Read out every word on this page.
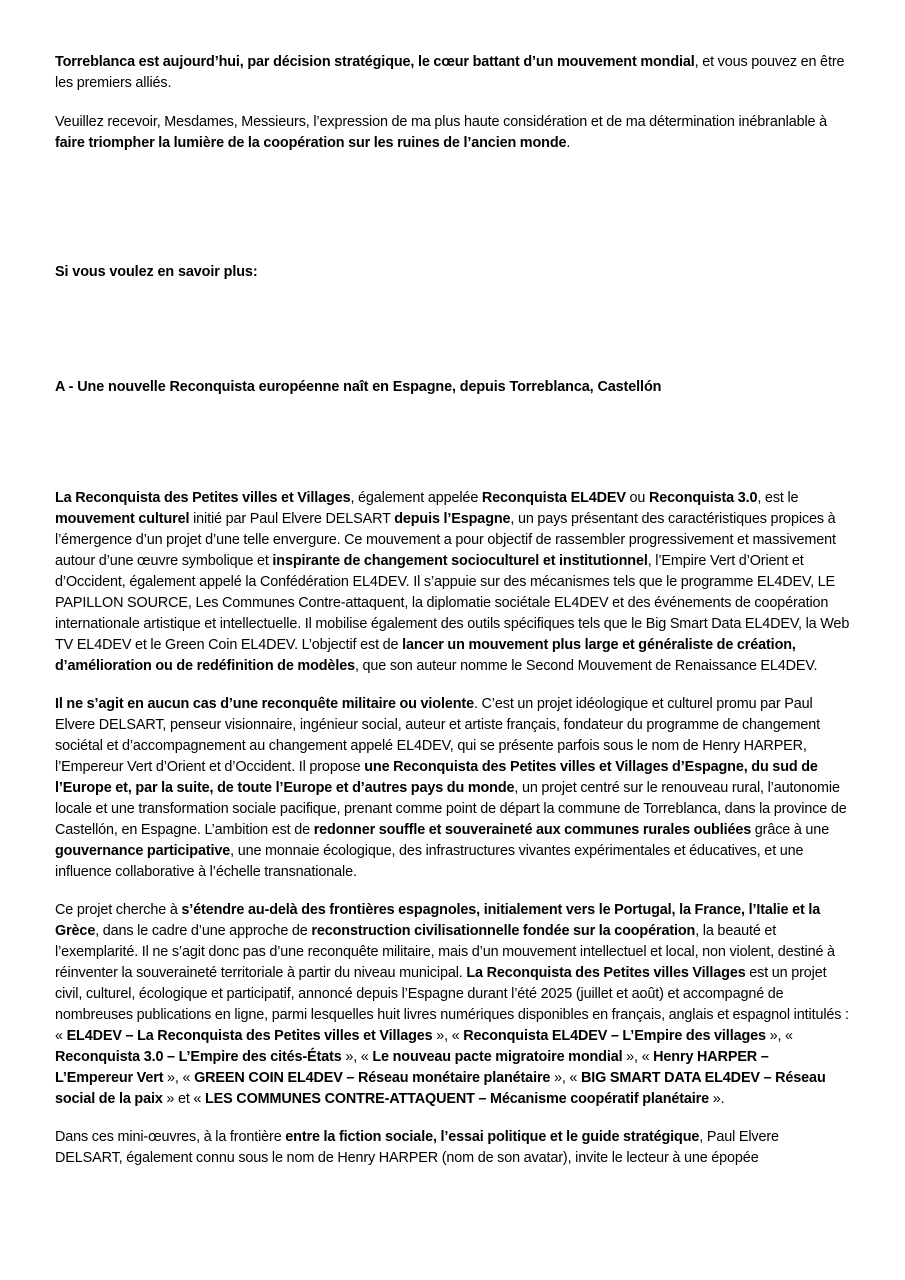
Torreblanca est aujourd’hui, par décision stratégique, le cœur battant d’un mouvement mondial, et vous pouvez en être les premiers alliés.

Veuillez recevoir, Mesdames, Messieurs, l’expression de ma plus haute considération et de ma détermination inébranlable à faire triompher la lumière de la coopération sur les ruines de l’ancien monde.

Si vous voulez en savoir plus:

A - Une nouvelle Reconquista européenne naît en Espagne, depuis Torreblanca, Castellón

La Reconquista des Petites villes et Villages, également appelée Reconquista EL4DEV ou Reconquista 3.0, est le mouvement culturel initié par Paul Elvere DELSART depuis l’Espagne, un pays présentant des caractéristiques propices à l’émergence d’un projet d’une telle envergure. Ce mouvement a pour objectif de rassembler progressivement et massivement autour d’une œuvre symbolique et inspirante de changement socioculturel et institutionnel, l’Empire Vert d’Orient et d’Occident, également appelé la Confédération EL4DEV. Il s’appuie sur des mécanismes tels que le programme EL4DEV, LE PAPILLON SOURCE, Les Communes Contre-attaquent, la diplomatie sociétale EL4DEV et des événements de coopération internationale artistique et intellectuelle. Il mobilise également des outils spécifiques tels que le Big Smart Data EL4DEV, la Web TV EL4DEV et le Green Coin EL4DEV. L’objectif est de lancer un mouvement plus large et généraliste de création, d’amélioration ou de redéfinition de modèles, que son auteur nomme le Second Mouvement de Renaissance EL4DEV.

Il ne s’agit en aucun cas d’une reconquête militaire ou violente. C’est un projet idéologique et culturel promu par Paul Elvere DELSART, penseur visionnaire, ingénieur social, auteur et artiste français, fondateur du programme de changement sociétal et d’accompagnement au changement appelé EL4DEV, qui se présente parfois sous le nom de Henry HARPER, l’Empereur Vert d’Orient et d’Occident. Il propose une Reconquista des Petites villes et Villages d’Espagne, du sud de l’Europe et, par la suite, de toute l’Europe et d’autres pays du monde, un projet centré sur le renouveau rural, l’autonomie locale et une transformation sociale pacifique, prenant comme point de départ la commune de Torreblanca, dans la province de Castellón, en Espagne. L’ambition est de redonner souffle et souveraineté aux communes rurales oubliées grâce à une gouvernance participative, une monnaie écologique, des infrastructures vivantes expérimentales et éducatives, et une influence collaborative à l’échelle transnationale.

Ce projet cherche à s’étendre au-delà des frontières espagnoles, initialement vers le Portugal, la France, l’Italie et la Grèce, dans le cadre d’une approche de reconstruction civilisationnelle fondée sur la coopération, la beauté et l’exemplarité. Il ne s’agit donc pas d’une reconquête militaire, mais d’un mouvement intellectuel et local, non violent, destiné à réinventer la souveraineté territoriale à partir du niveau municipal. La Reconquista des Petites villes Villages est un projet civil, culturel, écologique et participatif, annoncé depuis l’Espagne durant l’été 2025 (juillet et août) et accompagné de nombreuses publications en ligne, parmi lesquelles huit livres numériques disponibles en français, anglais et espagnol intitulés : « EL4DEV – La Reconquista des Petites villes et Villages », « Reconquista EL4DEV – L’Empire des villages », « Reconquista 3.0 – L’Empire des cités-États », « Le nouveau pacte migratoire mondial », « Henry HARPER – L’Empereur Vert », « GREEN COIN EL4DEV – Réseau monétaire planétaire », « BIG SMART DATA EL4DEV – Réseau social de la paix » et « LES COMMUNES CONTRE-ATTAQUENT – Mécanisme coopératif planétaire ».

Dans ces mini-œuvres, à la frontière entre la fiction sociale, l’essai politique et le guide stratégique, Paul Elvere DELSART, également connu sous le nom de Henry HARPER (nom de son avatar), invite le lecteur à une épopée
